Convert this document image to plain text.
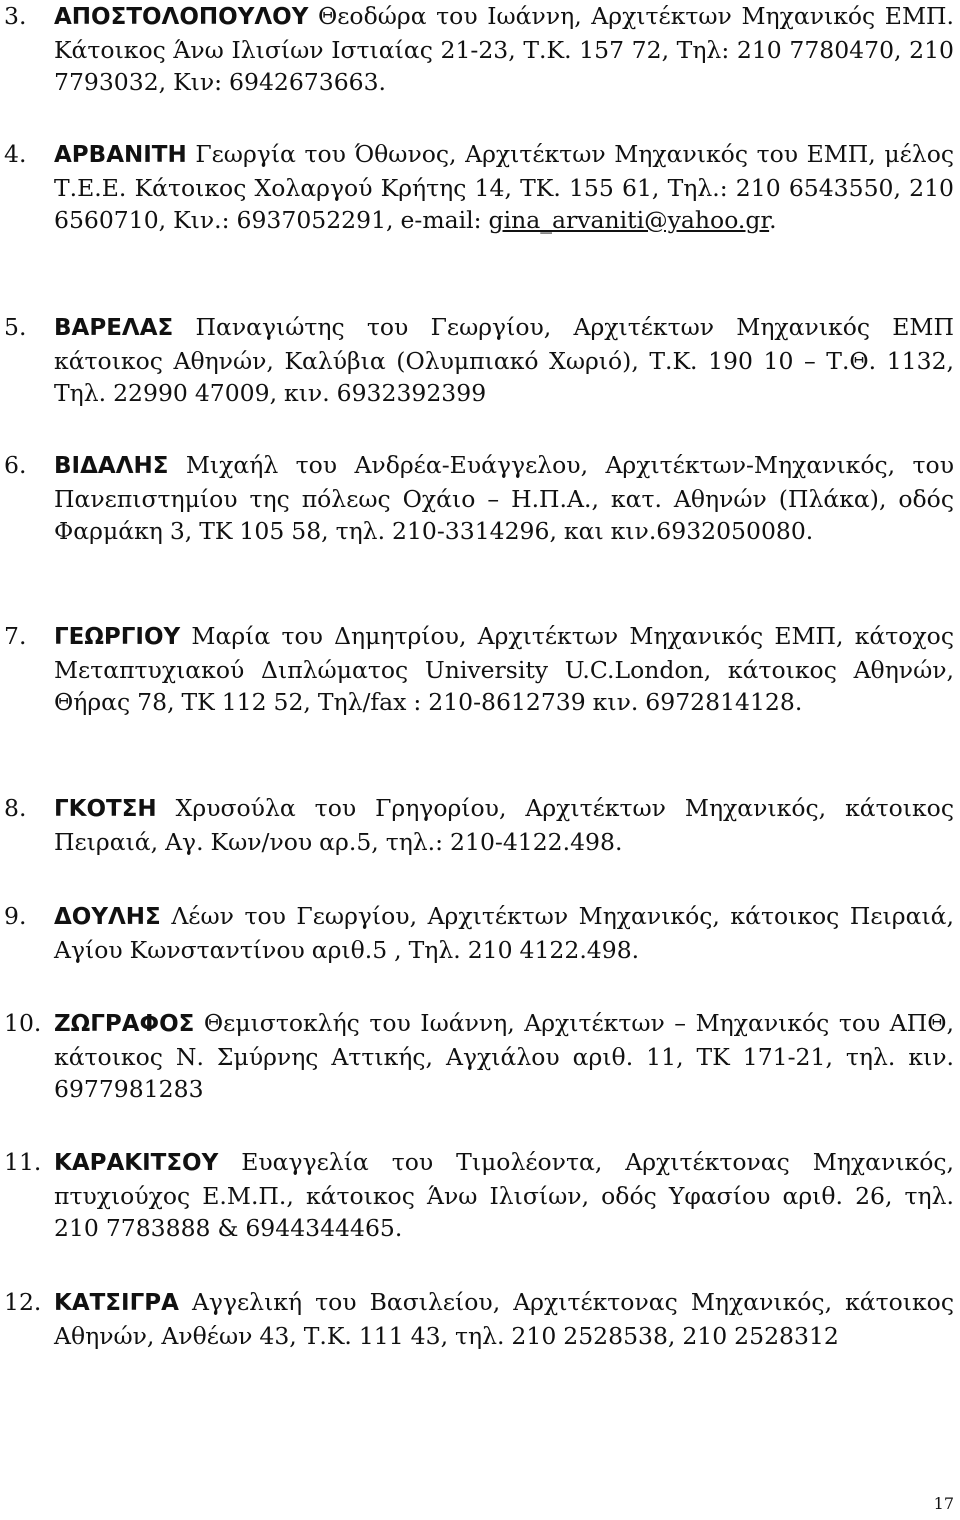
3.	ΑΠΟΣΤΟΛΟΠΟΥΛΟΥ Θεοδώρα του Ιωάννη, Αρχιτέκτων Μηχανικός ΕΜΠ. Κάτοικος Άνω Ιλισίων Ιστιαίας 21-23, Τ.Κ. 157 72, Τηλ: 210 7780470, 210 7793032, Κιν: 6942673663.
4.	ΑΡΒΑΝΙΤΗ Γεωργία του Όθωνος, Αρχιτέκτων Μηχανικός του ΕΜΠ, μέλος Τ.Ε.Ε. Κάτοικος Χολαργού Κρήτης 14, ΤΚ. 155 61, Τηλ.: 210 6543550, 210 6560710, Κιν.: 6937052291, e-mail: gina_arvaniti@yahoo.gr.
5.	ΒΑΡΕΛΑΣ Παναγιώτης του Γεωργίου, Αρχιτέκτων Μηχανικός ΕΜΠ κάτοικος Αθηνών, Καλύβια (Ολυμπιακό Χωριό), Τ.Κ. 190 10 – Τ.Θ. 1132, Τηλ. 22990 47009, κιν. 6932392399
6.	ΒΙΔΑΛΗΣ Μιχαήλ του Ανδρέα-Ευάγγελου, Αρχιτέκτων-Μηχανικός, του Πανεπιστημίου της πόλεως Οχάιο – Η.Π.Α., κατ. Αθηνών (Πλάκα), οδός Φαρμάκη 3, ΤΚ 105 58, τηλ. 210-3314296, και κιν.6932050080.
7.	ΓΕΩΡΓΙΟΥ Μαρία του Δημητρίου, Αρχιτέκτων Μηχανικός ΕΜΠ, κάτοχος Μεταπτυχιακού Διπλώματος University U.C.London, κάτοικος Αθηνών, Θήρας 78, ΤΚ 112 52, Τηλ/fax : 210-8612739 κιν. 6972814128.
8.	ΓΚΟΤΣΗ Χρυσούλα του Γρηγορίου, Αρχιτέκτων Μηχανικός, κάτοικος Πειραιά, Αγ. Κων/νου αρ.5, τηλ.: 210-4122.498.
9.	ΔΟΥΛΗΣ Λέων του Γεωργίου, Αρχιτέκτων Μηχανικός, κάτοικος Πειραιά, Αγίου Κωνσταντίνου αριθ.5 , Τηλ. 210 4122.498.
10. ΖΩΓΡΑΦΟΣ Θεμιστοκλής του Ιωάννη, Αρχιτέκτων – Μηχανικός του ΑΠΘ, κάτοικος Ν. Σμύρνης Αττικής, Αγχιάλου αριθ. 11, ΤΚ 171-21, τηλ. κιν. 6977981283
11. ΚΑΡΑΚΙΤΣΟΥ Ευαγγελία του Τιμολέοντα, Αρχιτέκτονας Μηχανικός, πτυχιούχος Ε.Μ.Π., κάτοικος Άνω Ιλισίων, οδός Υφασίου αριθ. 26, τηλ. 210 7783888 & 6944344465.
12. ΚΑΤΣΙΓΡΑ Αγγελική του Βασιλείου, Αρχιτέκτονας Μηχανικός, κάτοικος Αθηνών, Ανθέων 43, Τ.Κ. 111 43, τηλ. 210 2528538, 210 2528312
17
